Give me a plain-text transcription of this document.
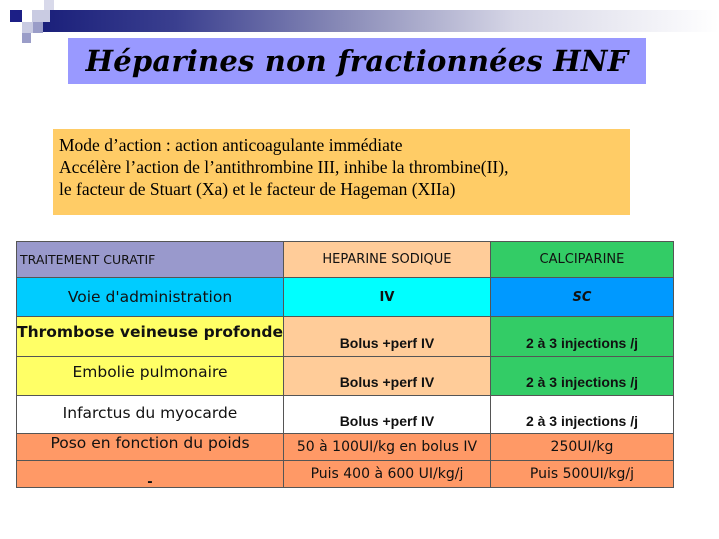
Héparines non fractionnées HNF
Mode d’action : action anticoagulante immédiate
Accélère l’action de l’antithrombine III, inhibe la thrombine(II),
le facteur de Stuart (Xa) et le facteur de Hageman (XIIa)
TRAITEMENT CURATIF	HEPARINE SODIQUE	CALCIPARINE
Voie d'administration	IV	SC
Thrombose veineuse profonde	Bolus +perf IV	2 à 3 injections /j
Embolie pulmonaire	Bolus +perf IV	2 à 3 injections /j
Infarctus du myocarde	Bolus +perf IV	2 à 3 injections /j
Poso en fonction du poids	50 à 100UI/kg en bolus IV	250UI/kg
-	Puis 400 à 600 UI/kg/j	Puis 500UI/kg/j
